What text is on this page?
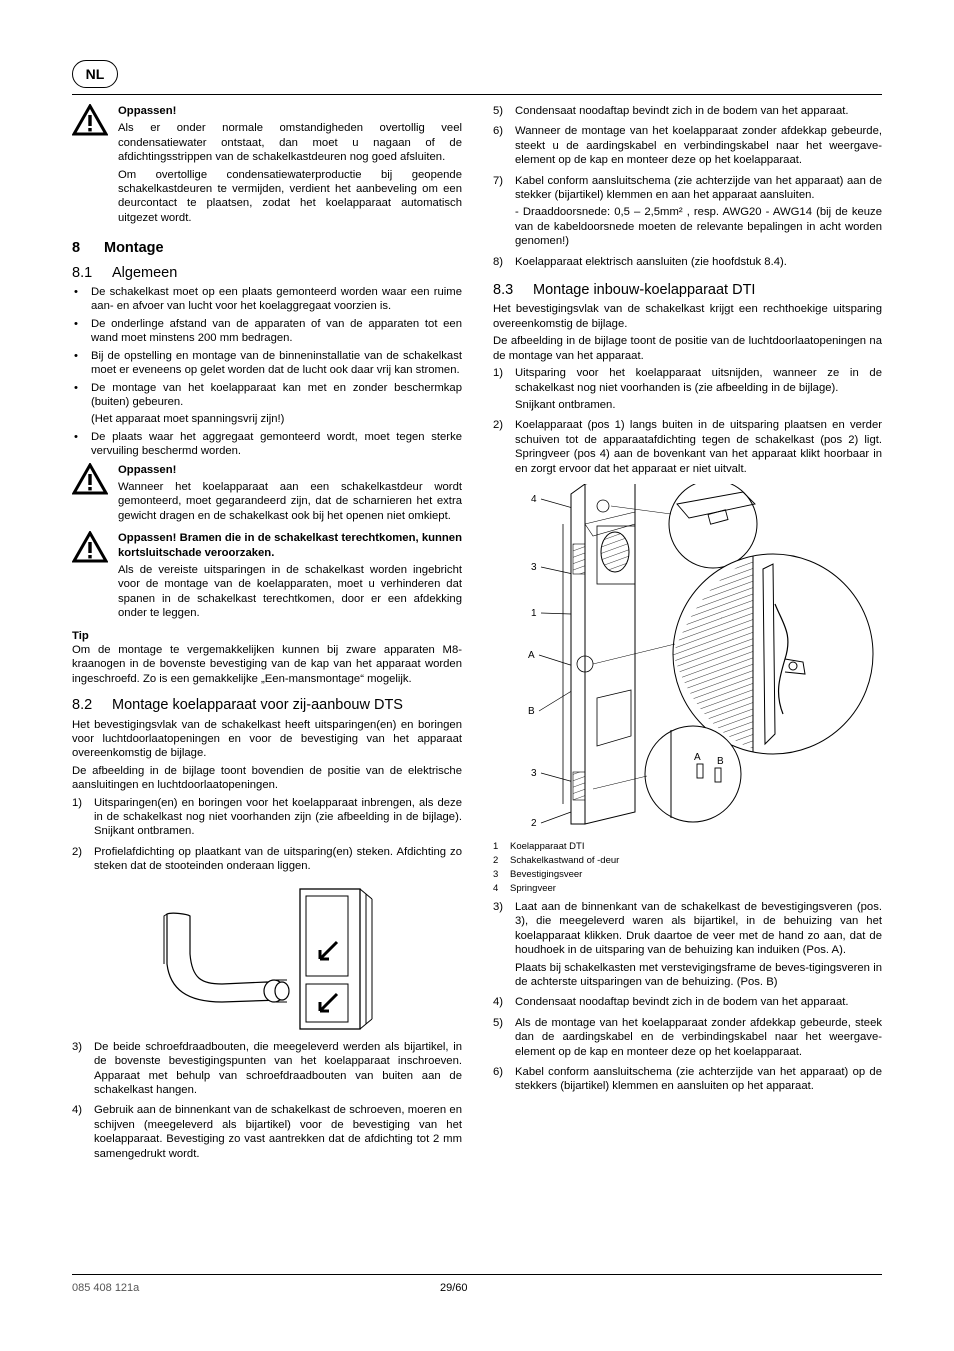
NL

Oppassen!

Als er onder normale omstandigheden overtollig veel condensatiewater ontstaat, dan moet u nagaan of de afdichtingsstrippen van de schakelkastdeuren nog goed afsluiten.

Om overtollige condensatiewaterproductie bij geopende schakelkastdeuren te vermijden, verdient het aanbeveling om een deurcontact te plaatsen, zodat het koelapparaat automatisch uitgezet wordt.

8 Montage
8.1 Algemeen
• De schakelkast moet op een plaats gemonteerd worden waar een ruime aan- en afvoer van lucht voor het koelaggregaat voorzien is.
• De onderlinge afstand van de apparaten of van de apparaten tot een wand moet minstens 200 mm bedragen.
• Bij de opstelling en montage van de binneninstallatie van de schakelkast moet er eveneens op gelet worden dat de lucht ook daar vrij kan stromen.
• De montage van het koelapparaat kan met en zonder beschermkap (buiten) gebeuren.

(Het apparaat moet spanningsvrij zijn!)

• De plaats waar het aggregaat gemonteerd wordt, moet tegen sterke vervuiling beschermd worden.

Oppassen!

Wanneer het koelapparaat aan een schakelkastdeur wordt gemonteerd, moet gegarandeerd zijn, dat de scharnieren het extra gewicht dragen en de schakelkast ook bij het openen niet omkiept.

Oppassen! Bramen die in de schakelkast terechtkomen, kunnen kortsluitschade veroorzaken.

Als de vereiste uitsparingen in de schakelkast worden ingebricht voor de montage van de koelapparaten, moet u verhinderen dat spanen in de schakelkast terechtkomen, door er een afdekking onder te leggen.

Tip

Om de montage te vergemakkelijken kunnen bij zware apparaten M8-kraanogen in de bovenste bevestiging van de kap van het apparaat worden ingeschroefd. Zo is een gemakkelijke „Een-mansmontage“ mogelijk.

8.2 Montage koelapparaat voor zij-aanbouw DTS

Het bevestigingsvlak van de schakelkast heeft uitsparingen(en) en boringen voor luchtdoorlaatopeningen en voor de bevestiging van het apparaat overeenkomstig de bijlage.

De afbeelding in de bijlage toont bovendien de positie van de elektrische aansluitingen en luchtdoorlaatopeningen.

1) Uitsparingen(en) en boringen voor het koelapparaat inbrengen, als deze in de schakelkast nog niet voorhanden zijn (zie afbeelding in de bijlage). Snijkant ontbramen.
2) Profielafdichting op plaatkant van de uitsparing(en) steken. Afdichting zo steken dat de stooteinden onderaan liggen.
3) De beide schroefdraadbouten, die meegeleverd werden als bijartikel, in de bovenste bevestigingspunten van het koelapparaat inschroeven. Apparaat met behulp van schroefdraadbouten van buiten aan de schakelkast hangen.
4) Gebruik aan de binnenkant van de schakelkast de schroeven, moeren en schijven (meegeleverd als bijartikel) voor de bevestiging van het koelapparaat. Bevestiging zo vast aantrekken dat de afdichting tot 2 mm samengedrukt wordt.
5) Condensaat noodaftap bevindt zich in de bodem van het apparaat.
6) Wanneer de montage van het koelapparaat zonder afdekkap gebeurde, steekt u de aardingskabel en verbindingskabel naar het weergave-element op de kap en monteer deze op het koelapparaat.
7) Kabel conform aansluitschema (zie achterzijde van het apparaat) aan de stekker (bijartikel) klemmen en aan het apparaat aansluiten.

- Draaddoorsnede: 0,5 – 2,5mm² , resp. AWG20 - AWG14 (bij de keuze van de kabeldoorsnede moeten de relevante bepalingen in acht worden genomen!)

8) Koelapparaat elektrisch aansluiten (zie hoofdstuk 8.4).
8.3 Montage inbouw-koelapparaat DTI

Het bevestigingsvlak van de schakelkast krijgt een rechthoekige uitsparing overeenkomstig de bijlage.

De afbeelding in de bijlage toont de positie van de luchtdoorlaatopeningen na de montage van het apparaat.

1) Uitsparing voor het koelapparaat uitsnijden, wanneer ze in de schakelkast nog niet voorhanden is (zie afbeelding in de bijlage).

Snijkant ontbramen.

2) Koelapparaat (pos 1) langs buiten in de uitsparing plaatsen en verder schuiven tot de apparaatafdichting tegen de schakelkast (pos 2) ligt. Springveer (pos 4) aan de bovenkant van het apparaat klikt hoorbaar in en zorgt ervoor dat het apparaat er niet uitvalt.
4
3
1
A
B
3
2
A B
1 Koelapparaat DTI
2 Schakelkastwand of -deur
3 Bevestigingsveer
4 Springveer
3) Laat aan de binnenkant van de schakelkast de bevestigingsveren (pos. 3), die meegeleverd waren als bijartikel, in de behuizing van het koelapparaat klikken. Druk daartoe de veer met de hand zo aan, dat de houdhoek in de uitsparing van de behuizing kan induiken (Pos. A).

Plaats bij schakelkasten met verstevigingsframe de beves-tigingsveren in de achterste uitsparingen van de behuizing. (Pos. B)

4) Condensaat noodaftap bevindt zich in de bodem van het apparaat.
5) Als de montage van het koelapparaat zonder afdekkap gebeurde, steek dan de aardingskabel en de verbindingskabel naar het weergave-element op de kap en monteer deze op het koelapparaat.
6) Kabel conform aansluitschema (zie achterzijde van het apparaat) op de stekkers (bijartikel) klemmen en aansluiten op het apparaat.
085 408 121a	29/60
